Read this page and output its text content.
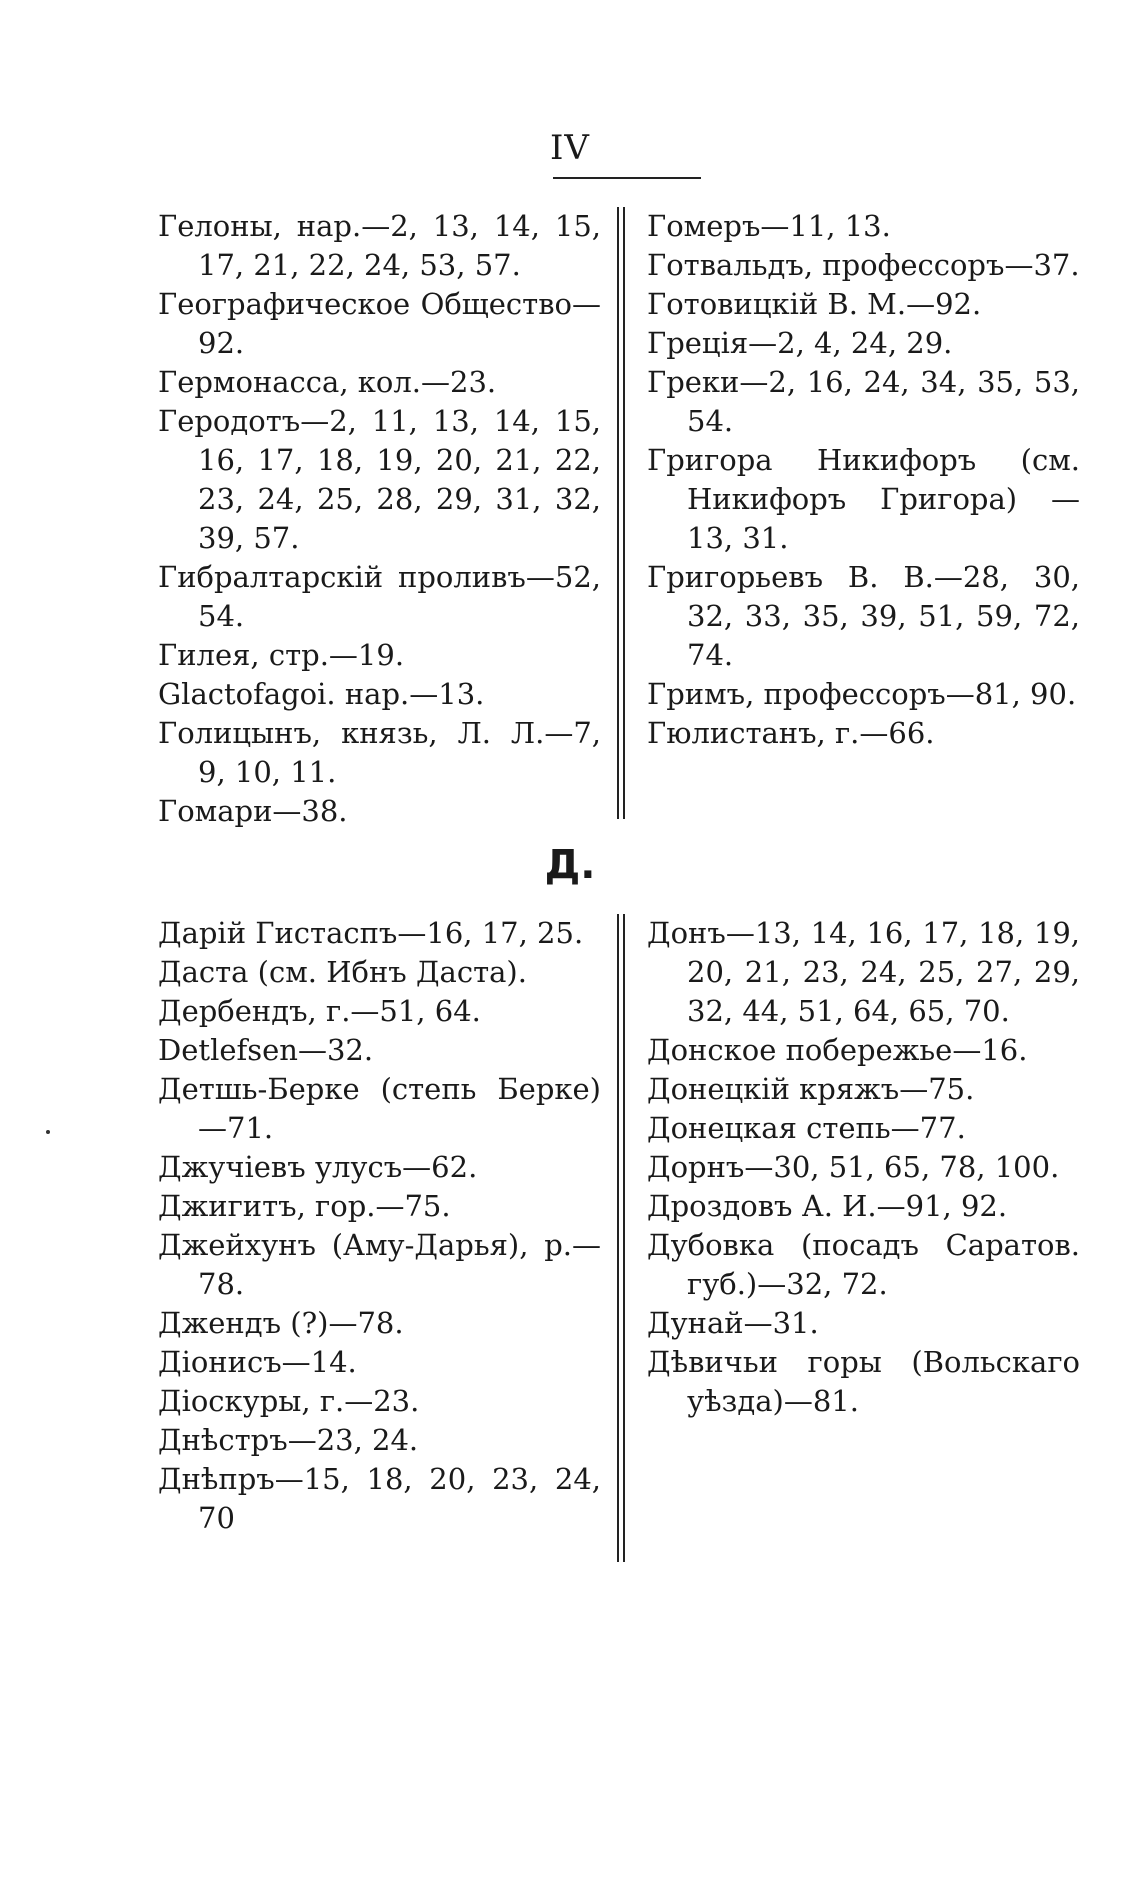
IV
Гелоны, нар.—2, 13, 14, 15, 17, 21, 22, 24, 53, 57.
Географическое Общество—92.
Гермонасса, кол.—23.
Геродотъ—2, 11, 13, 14, 15, 16, 17, 18, 19, 20, 21, 22, 23, 24, 25, 28, 29, 31, 32, 39, 57.
Гибралтарскій проливъ—52, 54.
Гилея, стр.—19.
Glactofagoi. нар.—13.
Голицынъ, князь, Л. Л.—7, 9, 10, 11.
Гомари—38.
Гомеръ—11, 13.
Готвальдъ, профессоръ—37.
Готовицкій В. М.—92.
Греція—2, 4, 24, 29.
Греки—2, 16, 24, 34, 35, 53, 54.
Григора Никифоръ (см. Никифоръ Григора) — 13, 31.
Григорьевъ В. В.—28, 30, 32, 33, 35, 39, 51, 59, 72, 74.
Гримъ, профессоръ—81, 90.
Гюлистанъ, г.—66.
Д.
Дарій Гистаспъ—16, 17, 25.
Даста (см. Ибнъ Даста).
Дербендъ, г.—51, 64.
Detlefsen—32.
Детшь-Берке (степь Берке)—71.
Джучіевъ улусъ—62.
Джигитъ, гор.—75.
Джейхунъ (Аму-Дарья), р.—78.
Джендъ (?)—78.
Діонисъ—14.
Діоскуры, г.—23.
Днѣстръ—23, 24.
Днѣпръ—15, 18, 20, 23, 24, 70
Донъ—13, 14, 16, 17, 18, 19, 20, 21, 23, 24, 25, 27, 29, 32, 44, 51, 64, 65, 70.
Донское побережье—16.
Донецкій кряжъ—75.
Донецкая степь—77.
Дорнъ—30, 51, 65, 78, 100.
Дроздовъ А. И.—91, 92.
Дубовка (посадъ Саратов. губ.)—32, 72.
Дунай—31.
Дѣвичьи горы (Вольскаго уѣзда)—81.
